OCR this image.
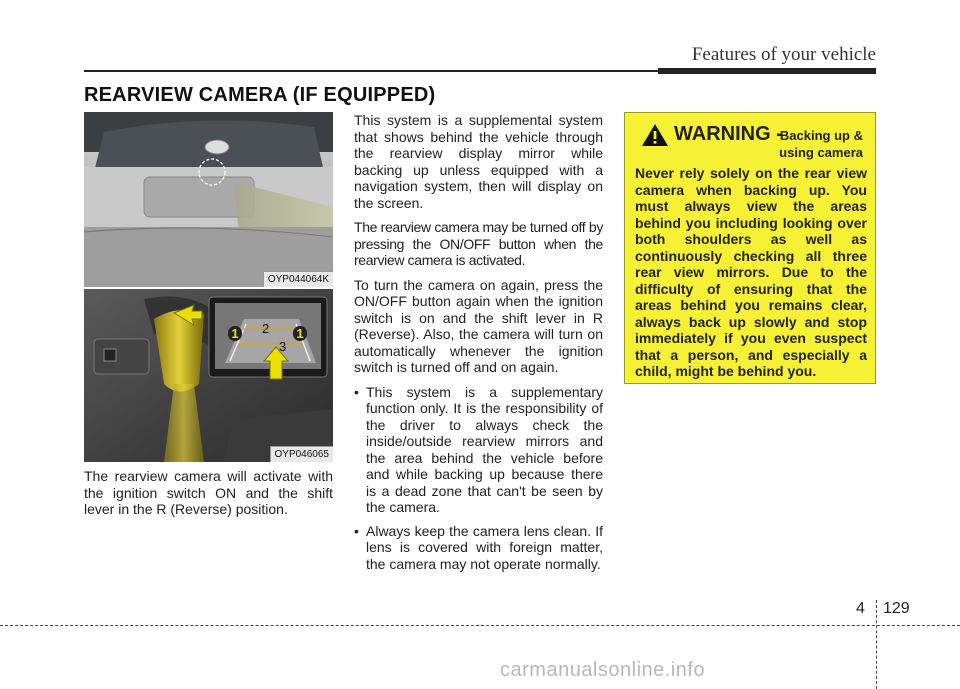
Features of your vehicle
REARVIEW CAMERA (IF EQUIPPED)
OYP044064K
1 2 1
3
OYP046065
The rearview camera will activate with the ignition switch ON and the shift lever in the R (Reverse) position.

This system is a supplemental system that shows behind the vehicle through the rearview display mirror while backing up unless equipped with a navigation system, then will display on the screen.

The rearview camera may be turned off by pressing the ON/OFF button when the rearview camera is activated.

To turn the camera on again, press the ON/OFF button again when the ignition switch is on and the shift lever in R (Reverse). Also, the camera will turn on automatically whenever the ignition switch is turned off and on again.

• This system is a supplementary function only. It is the responsibility of the driver to always check the inside/outside rearview mirrors and the area behind the vehicle before and while backing up because there is a dead zone that can't be seen by the camera.
• Always keep the camera lens clean. If lens is covered with foreign matter, the camera may not operate normally.
WARNING -
Backing up &
using camera
Never rely solely on the rear view camera when backing up. You must always view the areas behind you including looking over both shoulders as well as continuously checking all three rear view mirrors. Due to the difficulty of ensuring that the areas behind you remains clear, always back up slowly and stop immediately if you even suspect that a person, and especially a child, might be behind you.
4 129
carmanualsonline.info
